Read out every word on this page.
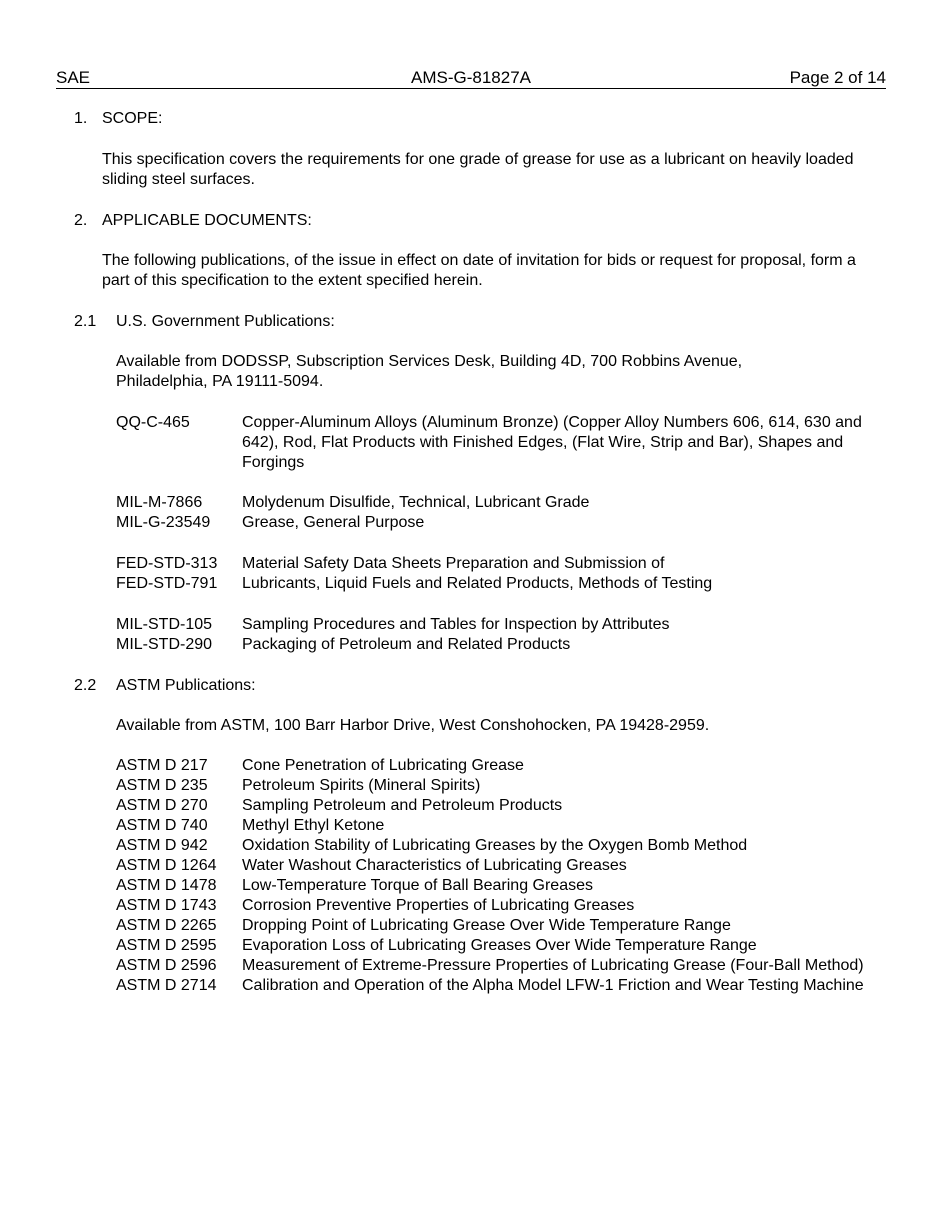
SAE	AMS-G-81827A	Page 2 of 14
1. SCOPE:
This specification covers the requirements for one grade of grease for use as a lubricant on heavily loaded sliding steel surfaces.
2. APPLICABLE DOCUMENTS:
The following publications, of the issue in effect on date of invitation for bids or request for proposal, form a part of this specification to the extent specified herein.
2.1 U.S. Government Publications:
Available from DODSSP, Subscription Services Desk, Building 4D, 700 Robbins Avenue, Philadelphia, PA 19111-5094.
QQ-C-465	Copper-Aluminum Alloys (Aluminum Bronze) (Copper Alloy Numbers 606, 614, 630 and 642), Rod, Flat Products with Finished Edges, (Flat Wire, Strip and Bar), Shapes and Forgings
MIL-M-7866	Molydenum Disulfide, Technical, Lubricant Grade
MIL-G-23549	Grease, General Purpose
FED-STD-313	Material Safety Data Sheets Preparation and Submission of
FED-STD-791	Lubricants, Liquid Fuels and Related Products, Methods of Testing
MIL-STD-105	Sampling Procedures and Tables for Inspection by Attributes
MIL-STD-290	Packaging of Petroleum and Related Products
2.2 ASTM Publications:
Available from ASTM, 100 Barr Harbor Drive, West Conshohocken, PA 19428-2959.
ASTM D 217	Cone Penetration of Lubricating Grease
ASTM D 235	Petroleum Spirits (Mineral Spirits)
ASTM D 270	Sampling Petroleum and Petroleum Products
ASTM D 740	Methyl Ethyl Ketone
ASTM D 942	Oxidation Stability of Lubricating Greases by the Oxygen Bomb Method
ASTM D 1264	Water Washout Characteristics of Lubricating Greases
ASTM D 1478	Low-Temperature Torque of Ball Bearing Greases
ASTM D 1743	Corrosion Preventive Properties of Lubricating Greases
ASTM D 2265	Dropping Point of Lubricating Grease Over Wide Temperature Range
ASTM D 2595	Evaporation Loss of Lubricating Greases Over Wide Temperature Range
ASTM D 2596	Measurement of Extreme-Pressure Properties of Lubricating Grease (Four-Ball Method)
ASTM D 2714	Calibration and Operation of the Alpha Model LFW-1 Friction and Wear Testing Machine
